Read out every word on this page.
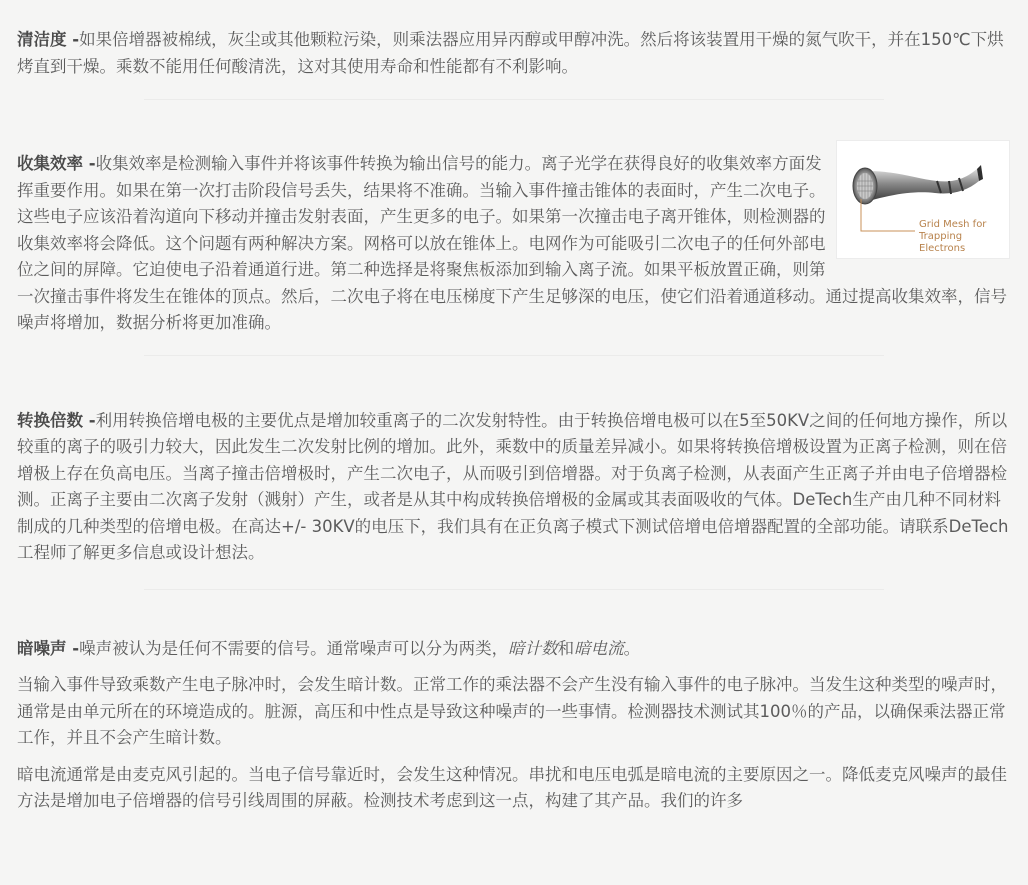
清洁度 -如果倍增器被棉绒，灰尘或其他颗粒污染，则乘法器应用异丙醇或甲醇冲洗。然后将该装置用干燥的氮气吹干，并在150℃下烘烤直到干燥。乘数不能用任何酸清洗，这对其使用寿命和性能都有不利影响。

Grid Mesh for
Trapping Electrons

收集效率 -收集效率是检测输入事件并将该事件转换为输出信号的能力。离子光学在获得良好的收集效率方面发挥重要作用。如果在第一次打击阶段信号丢失，结果将不准确。当输入事件撞击锥体的表面时，产生二次电子。这些电子应该沿着沟道向下移动并撞击发射表面，产生更多的电子。如果第一次撞击电子离开锥体，则检测器的收集效率将会降低。这个问题有两种解决方案。网格可以放在锥体上。电网作为可能吸引二次电子的任何外部电位之间的屏障。它迫使电子沿着通道行进。第二种选择是将聚焦板添加到输入离子流。如果平板放置正确，则第一次撞击事件将发生在锥体的顶点。然后，二次电子将在电压梯度下产生足够深的电压，使它们沿着通道移动。通过提高收集效率，信号噪声将增加，数据分析将更加准确。

转换倍数 -利用转换倍增电极的主要优点是增加较重离子的二次发射特性。由于转换倍增电极可以在5至50KV之间的任何地方操作，所以较重的离子的吸引力较大，因此发生二次发射比例的增加。此外，乘数中的质量差异减小。如果将转换倍增极设置为正离子检测，则在倍增极上存在负高电压。当离子撞击倍增极时，产生二次电子，从而吸引到倍增器。对于负离子检测，从表面产生正离子并由电子倍增器检测。正离子主要由二次离子发射（溅射）产生，或者是从其中构成转换倍增极的金属或其表面吸收的气体。DeTech生产由几种不同材料制成的几种类型的倍增电极。在高达+/- 30KV的电压下，我们具有在正负离子模式下测试倍增电倍增器配置的全部功能。请联系DeTech工程师了解更多信息或设计想法。

暗噪声 -噪声被认为是任何不需要的信号。通常噪声可以分为两类，暗计数和暗电流。

当输入事件导致乘数产生电子脉冲时，会发生暗计数。正常工作的乘法器不会产生没有输入事件的电子脉冲。当发生这种类型的噪声时，通常是由单元所在的环境造成的。脏源，高压和中性点是导致这种噪声的一些事情。检测器技术测试其100％的产品，以确保乘法器正常工作，并且不会产生暗计数。

暗电流通常是由麦克风引起的。当电子信号靠近时，会发生这种情况。串扰和电压电弧是暗电流的主要原因之一。降低麦克风噪声的最佳方法是增加电子倍增器的信号引线周围的屏蔽。检测技术考虑到这一点，构建了其产品。我们的许多
